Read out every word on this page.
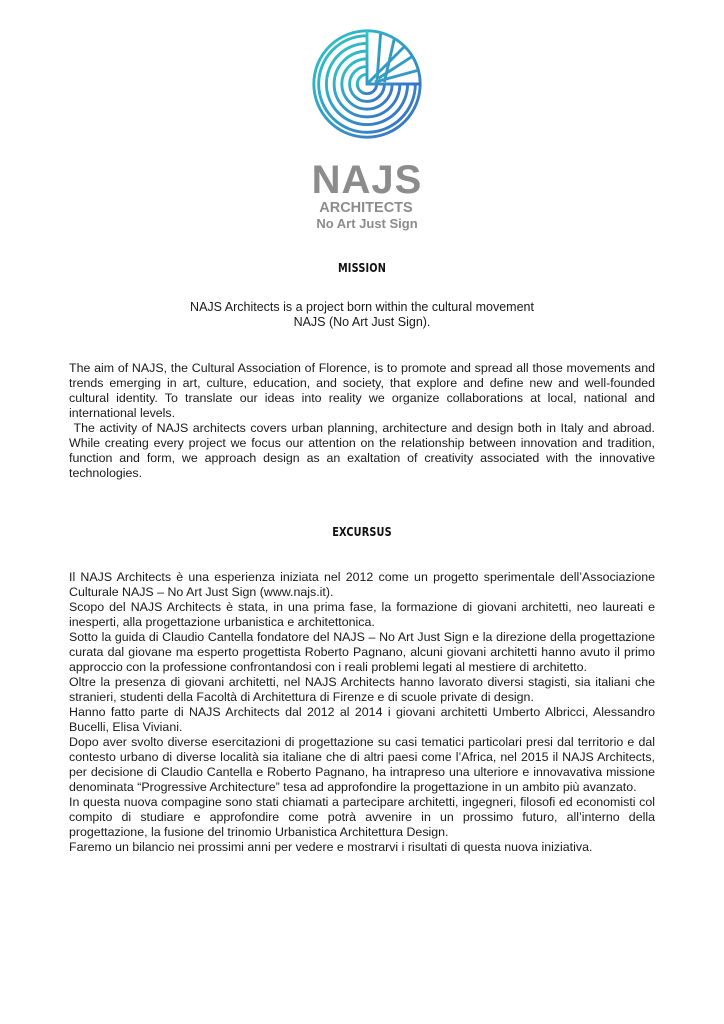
NAJS
ARCHITECTS
No Art Just Sign
MISSION
NAJS Architects is a project born within the cultural movement
NAJS (No Art Just Sign).

The aim of NAJS, the Cultural Association of Florence, is to promote and spread all those movements and trends emerging in art, culture, education, and society, that explore and define new and well-founded cultural identity. To translate our ideas into reality we organize collaborations at local, national and international levels.

The activity of NAJS architects covers urban planning, architecture and design both in Italy and abroad. While creating every project we focus our attention on the relationship between innovation and tradition, function and form, we approach design as an exaltation of creativity associated with the innovative technologies.

EXCURSUS

Il NAJS Architects è una esperienza iniziata nel 2012 come un progetto sperimentale dell’Associazione Culturale NAJS – No Art Just Sign (www.najs.it).

Scopo del NAJS Architects è stata, in una prima fase, la formazione di giovani architetti, neo laureati e inesperti, alla progettazione urbanistica e architettonica.

Sotto la guida di Claudio Cantella fondatore del NAJS – No Art Just Sign e la direzione della progettazione curata dal giovane ma esperto progettista Roberto Pagnano, alcuni giovani architetti hanno avuto il primo approccio con la professione confrontandosi con i reali problemi legati al mestiere di architetto.

Oltre la presenza di giovani architetti, nel NAJS Architects hanno lavorato diversi stagisti, sia italiani che stranieri, studenti della Facoltà di Architettura di Firenze e di scuole private di design.

Hanno fatto parte di NAJS Architects dal 2012 al 2014 i giovani architetti Umberto Albricci, Alessandro Bucelli, Elisa Viviani.

Dopo aver svolto diverse esercitazioni di progettazione su casi tematici particolari presi dal territorio e dal contesto urbano di diverse località sia italiane che di altri paesi come l’Africa, nel 2015 il NAJS Architects, per decisione di Claudio Cantella e Roberto Pagnano, ha intrapreso una ulteriore e innovavativa missione denominata “Progressive Architecture” tesa ad approfondire la progettazione in un ambito più avanzato.

In questa nuova compagine sono stati chiamati a partecipare architetti, ingegneri, filosofi ed economisti col compito di studiare e approfondire come potrà avvenire in un prossimo futuro, all’interno della progettazione, la fusione del trinomio Urbanistica Architettura Design.

Faremo un bilancio nei prossimi anni per vedere e mostrarvi i risultati di questa nuova iniziativa.
